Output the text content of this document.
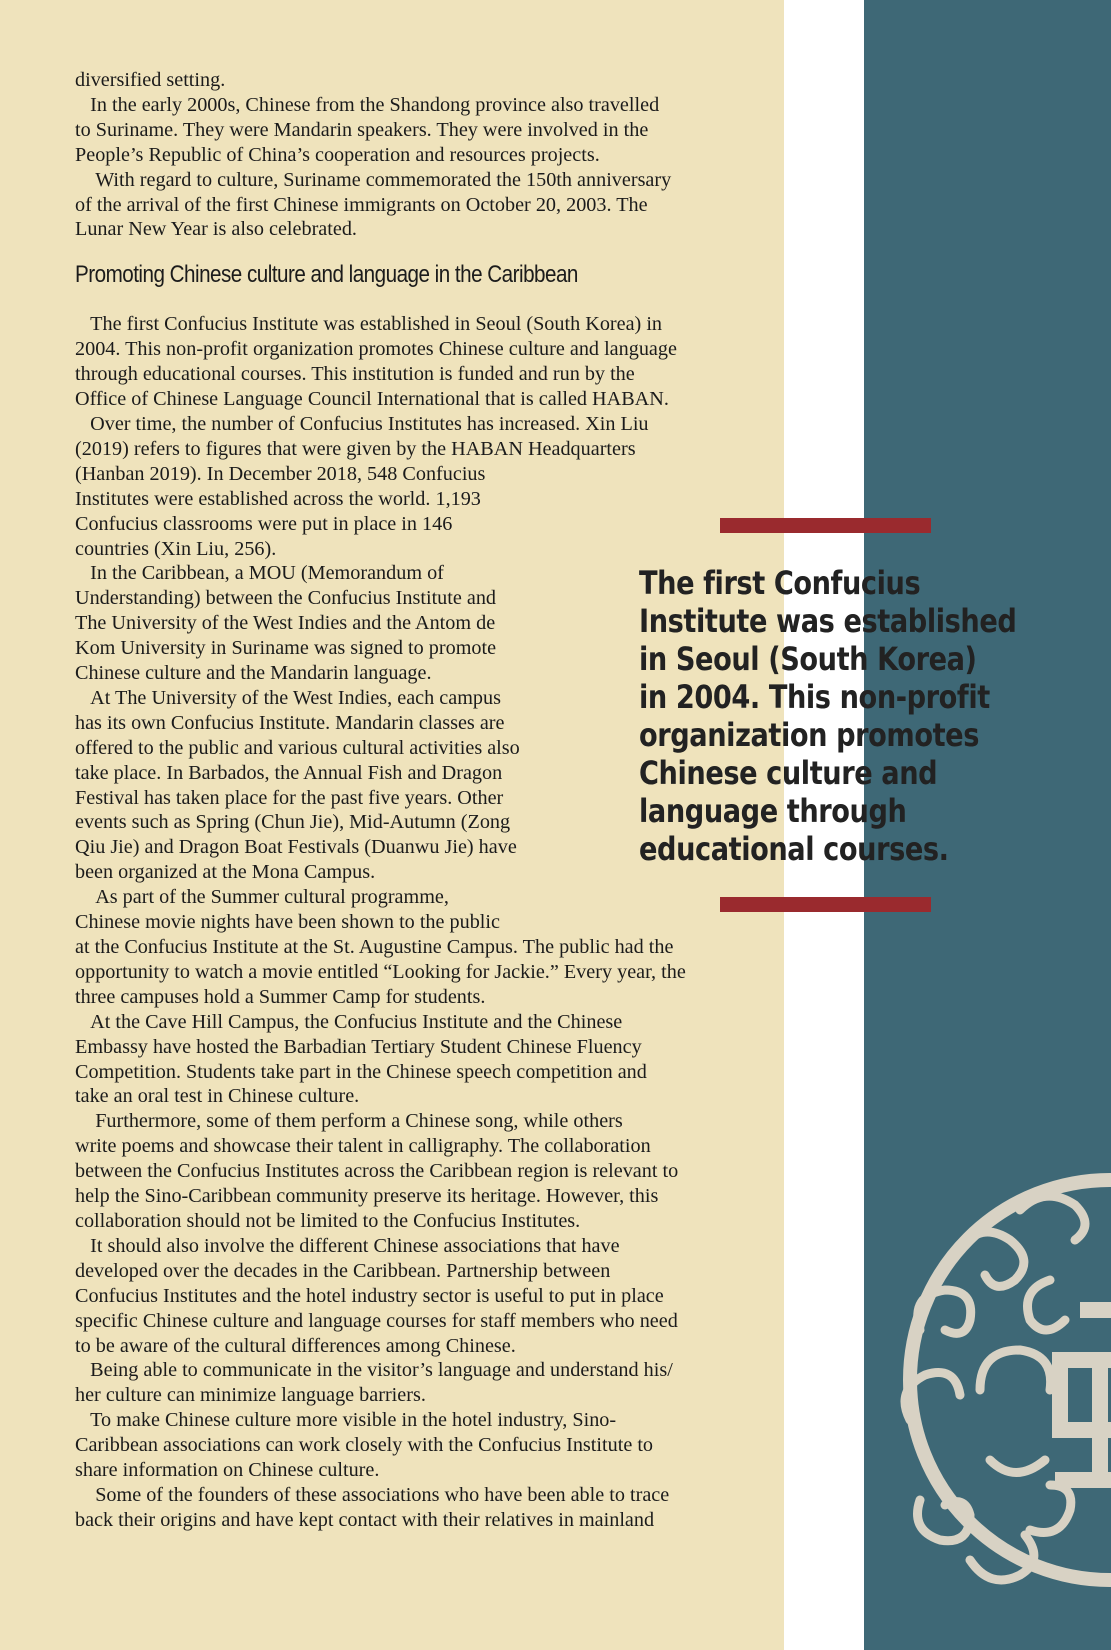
diversified setting.
In the early 2000s, Chinese from the Shandong province also travelled
to Suriname. They were Mandarin speakers. They were involved in the
People’s Republic of China’s cooperation and resources projects.
With regard to culture, Suriname commemorated the 150th anniversary
of the arrival of the first Chinese immigrants on October 20, 2003. The
Lunar New Year is also celebrated.
Promoting Chinese culture and language in the Caribbean
The first Confucius Institute was established in Seoul (South Korea) in
2004. This non-profit organization promotes Chinese culture and language
through educational courses. This institution is funded and run by the
Office of Chinese Language Council International that is called HABAN.
Over time, the number of Confucius Institutes has increased. Xin Liu
(2019) refers to figures that were given by the HABAN Headquarters
(Hanban 2019). In December 2018, 548 Confucius
Institutes were established across the world. 1,193
Confucius classrooms were put in place in 146
countries (Xin Liu, 256).
In the Caribbean, a MOU (Memorandum of
Understanding) between the Confucius Institute and
The University of the West Indies and the Antom de
Kom University in Suriname was signed to promote
Chinese culture and the Mandarin language.
At The University of the West Indies, each campus
has its own Confucius Institute. Mandarin classes are
offered to the public and various cultural activities also
take place. In Barbados, the Annual Fish and Dragon
Festival has taken place for the past five years. Other
events such as Spring (Chun Jie), Mid-Autumn (Zong
Qiu Jie) and Dragon Boat Festivals (Duanwu Jie) have
been organized at the Mona Campus.
As part of the Summer cultural programme,
Chinese movie nights have been shown to the public
at the Confucius Institute at the St. Augustine Campus. The public had the
opportunity to watch a movie entitled “Looking for Jackie.” Every year, the
three campuses hold a Summer Camp for students.
At the Cave Hill Campus, the Confucius Institute and the Chinese
Embassy have hosted the Barbadian Tertiary Student Chinese Fluency
Competition. Students take part in the Chinese speech competition and
take an oral test in Chinese culture.
Furthermore, some of them perform a Chinese song, while others
write poems and showcase their talent in calligraphy. The collaboration
between the Confucius Institutes across the Caribbean region is relevant to
help the Sino-Caribbean community preserve its heritage. However, this
collaboration should not be limited to the Confucius Institutes.
It should also involve the different Chinese associations that have
developed over the decades in the Caribbean. Partnership between
Confucius Institutes and the hotel industry sector is useful to put in place
specific Chinese culture and language courses for staff members who need
to be aware of the cultural differences among Chinese.
Being able to communicate in the visitor’s language and understand his/
her culture can minimize language barriers.
To make Chinese culture more visible in the hotel industry, Sino-
Caribbean associations can work closely with the Confucius Institute to
share information on Chinese culture.
Some of the founders of these associations who have been able to trace
back their origins and have kept contact with their relatives in mainland
The first Confucius
Institute was established
in Seoul (South Korea)
in 2004. This non-profit
organization promotes
Chinese culture and
language through
educational courses.
